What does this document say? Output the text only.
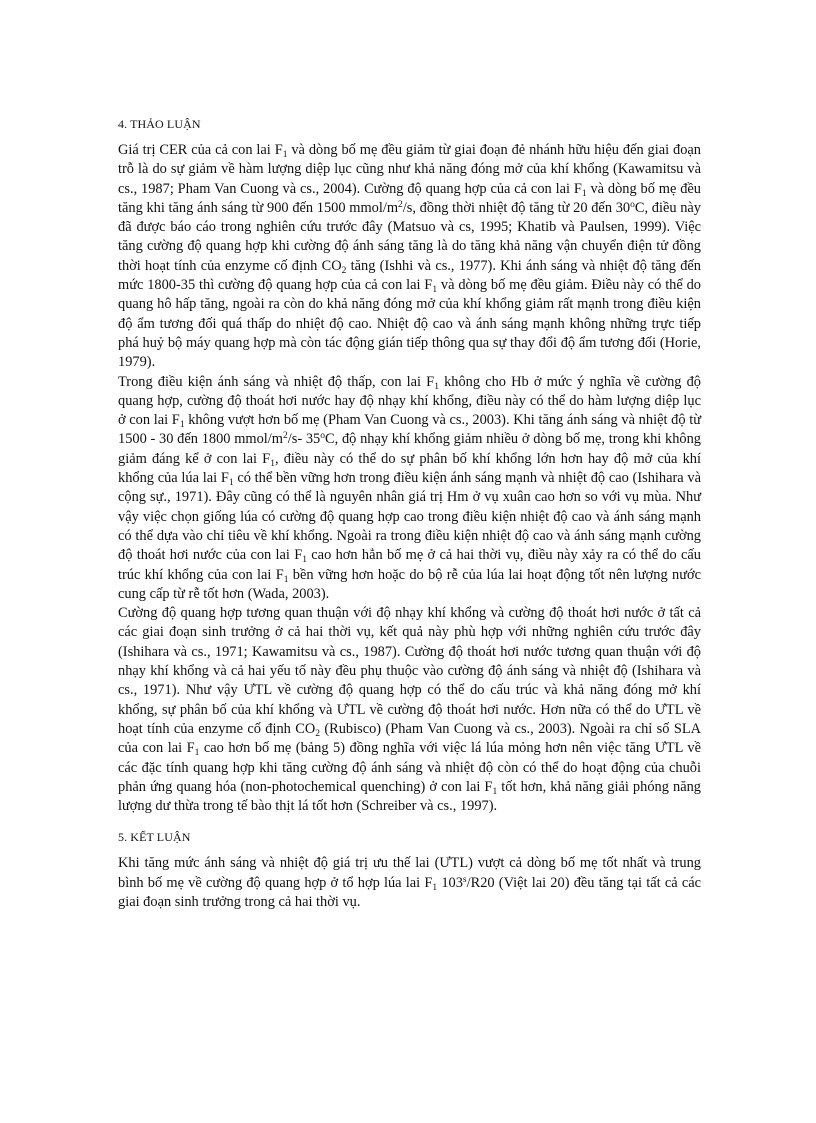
4. THẢO LUẬN

Giá trị CER của cả con lai $F_1$ và dòng bố mẹ đều giảm từ giai đoạn đẻ nhánh hữu hiệu đến giai đoạn trỗ là do sự giảm về hàm lượng diệp lục cũng như khả năng đóng mở của khí khổng (Kawamitsu và cs., 1987; Pham Van Cuong và cs., 2004). Cường độ quang hợp của cả con lai $F_1$ và dòng bố mẹ đều tăng khi tăng ánh sáng từ 900 đến 1500 mmol/$m^2/s$, đồng thời nhiệt độ tăng từ 20 đến 30$^o$C, điều này đã được báo cáo trong nghiên cứu trước đây (Matsuo và cs, 1995; Khatib và Paulsen, 1999). Việc tăng cường độ quang hợp khi cường độ ánh sáng tăng là do tăng khả năng vận chuyển điện tử đồng thời hoạt tính của enzyme cố định $CO_2$ tăng (Ishhi và cs., 1977). Khi ánh sáng và nhiệt độ tăng đến mức 1800-35 thì cường độ quang hợp của cả con lai $F_1$ và dòng bố mẹ đều giảm. Điều này có thể do quang hô hấp tăng, ngoài ra còn do khả năng đóng mở của khí khổng giảm rất mạnh trong điều kiện độ ẩm tương đối quá thấp do nhiệt độ cao. Nhiệt độ cao và ánh sáng mạnh không những trực tiếp phá huỷ bộ máy quang hợp mà còn tác động gián tiếp thông qua sự thay đổi độ ẩm tương đối (Horie, 1979).

Trong điều kiện ánh sáng và nhiệt độ thấp, con lai $F_1$ không cho Hb ở mức ý nghĩa về cường độ quang hợp, cường độ thoát hơi nước hay độ nhạy khí khổng, điều này có thể do hàm lượng diệp lục ở con lai $F_1$ không vượt hơn bố mẹ (Pham Van Cuong và cs., 2003). Khi tăng ánh sáng và nhiệt độ từ 1500 - 30 đến 1800 mmol/$m^2/s-$ 35$^o$C, độ nhạy khí khổng giảm nhiều ở dòng bố mẹ, trong khi không giảm đáng kể ở con lai $F_1$, điều này có thể do sự phân bố khí khổng lớn hơn hay độ mở của khí khổng của lúa lai $F_1$ có thể bền vững hơn trong điều kiện ánh sáng mạnh và nhiệt độ cao (Ishihara và cộng sự., 1971). Đây cũng có thể là nguyên nhân giá trị Hm ở vụ xuân cao hơn so với vụ mùa. Như vậy việc chọn giống lúa có cường độ quang hợp cao trong điều kiện nhiệt độ cao và ánh sáng mạnh có thể dựa vào chỉ tiêu về khí khổng. Ngoài ra trong điều kiện nhiệt độ cao và ánh sáng mạnh cường độ thoát hơi nước của con lai $F_1$ cao hơn hẳn bố mẹ ở cả hai thời vụ, điều này xảy ra có thể do cấu trúc khí khổng của con lai $F_1$ bền vững hơn hoặc do bộ rễ của lúa lai hoạt động tốt nên lượng nước cung cấp từ rễ tốt hơn (Wada, 2003).

Cường độ quang hợp tương quan thuận với độ nhạy khí khổng và cường độ thoát hơi nước ở tất cả các giai đoạn sinh trưởng ở cả hai thời vụ, kết quả này phù hợp với những nghiên cứu trước đây (Ishihara và cs., 1971; Kawamitsu và cs., 1987). Cường độ thoát hơi nước tương quan thuận với độ nhạy khí khổng và cả hai yếu tố này đều phụ thuộc vào cường độ ánh sáng và nhiệt độ (Ishihara và cs., 1971). Như vậy ƯTL về cường độ quang hợp có thể do cấu trúc và khả năng đóng mở khí khổng, sự phân bố của khí khổng và ƯTL về cường độ thoát hơi nước. Hơn nữa có thể do ƯTL về hoạt tính của enzyme cố định $CO_2$ (Rubisco) (Pham Van Cuong và cs., 2003). Ngoài ra chỉ số SLA của con lai $F_1$ cao hơn bố mẹ (bảng 5) đồng nghĩa với việc lá lúa mỏng hơn nên việc tăng ƯTL về các đặc tính quang hợp khi tăng cường độ ánh sáng và nhiệt độ còn có thể do hoạt động của chuỗi phản ứng quang hóa (non-photochemical quenching) ở con lai $F_1$ tốt hơn, khả năng giải phóng năng lượng dư thừa trong tế bào thịt lá tốt hơn (Schreiber và cs., 1997).

5. KẾT LUẬN

Khi tăng mức ánh sáng và nhiệt độ giá trị ưu thế lai (ƯTL) vượt cả dòng bố mẹ tốt nhất và trung bình bố mẹ về cường độ quang hợp ở tổ hợp lúa lai $F_1$ 103$^s$/R20 (Việt lai 20) đều tăng tại tất cả các giai đoạn sinh trưởng trong cả hai thời vụ.
